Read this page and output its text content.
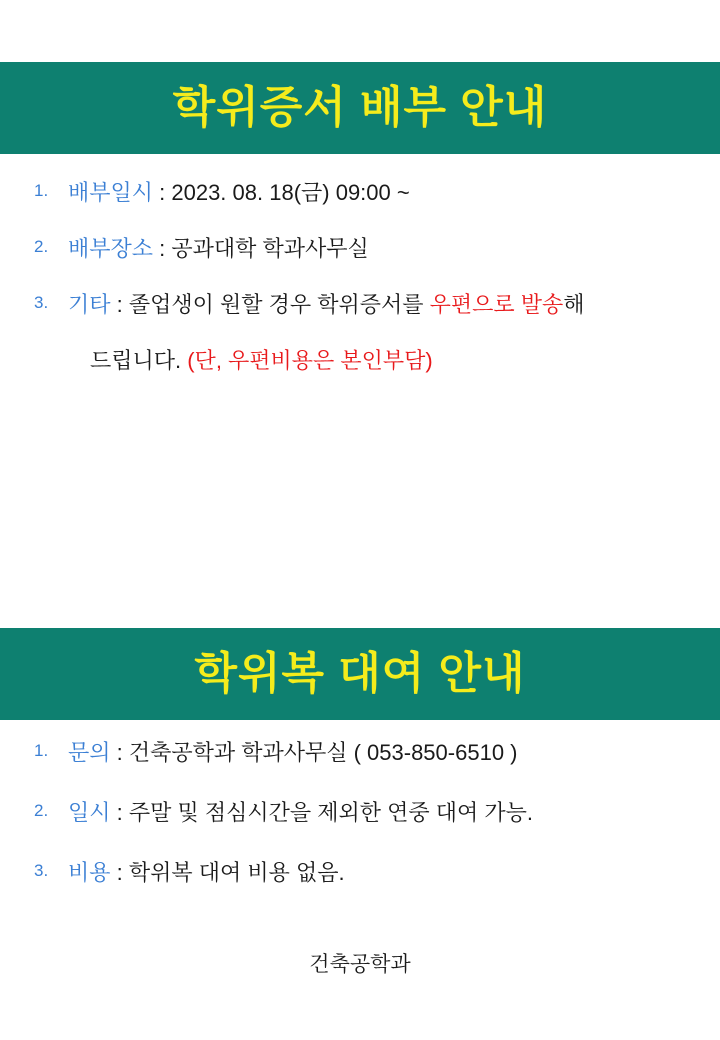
학위증서 배부 안내
1. 배부일시 : 2023. 08. 18(금) 09:00 ~
2. 배부장소 : 공과대학 학과사무실
3. 기타 : 졸업생이 원할 경우 학위증서를 우편으로 발송해
드립니다. (단, 우편비용은 본인부담)
학위복 대여 안내
1. 문의 : 건축공학과 학과사무실 ( 053-850-6510 )
2. 일시 : 주말 및 점심시간을 제외한 연중 대여 가능.
3. 비용 : 학위복 대여 비용 없음.
건축공학과
